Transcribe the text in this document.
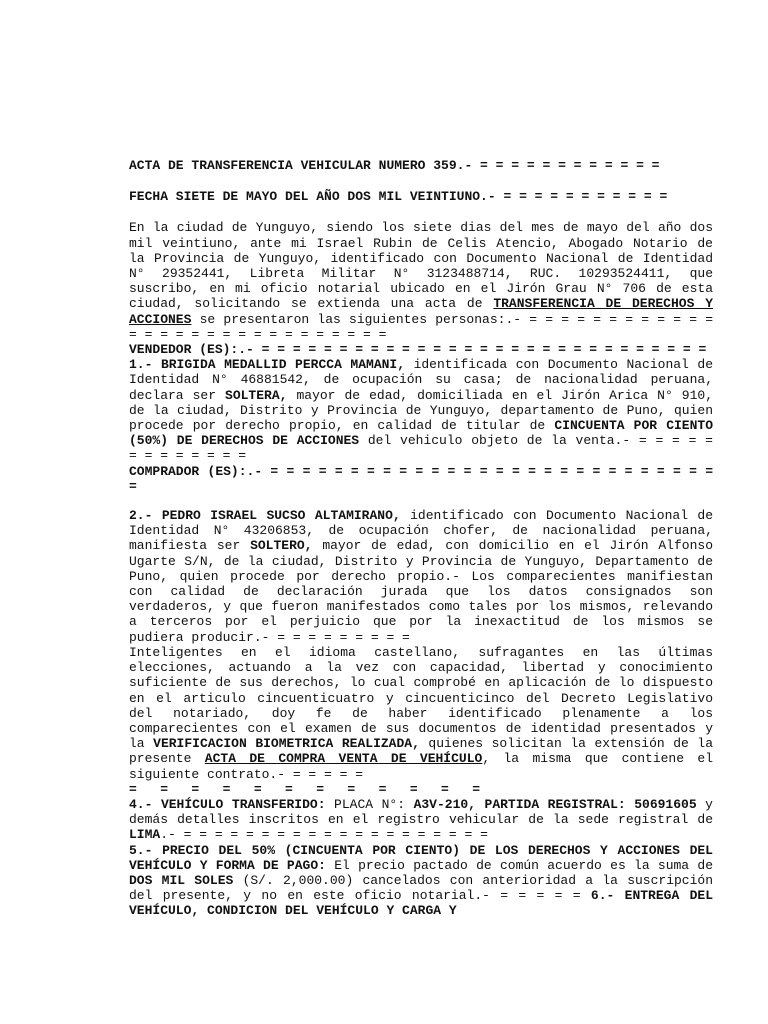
ACTA DE TRANSFERENCIA VEHICULAR NUMERO 359.- = = = = = = = = = = = =

FECHA SIETE DE MAYO DEL AÑO DOS MIL VEINTIUNO.- = = = = = = = = = = =

En la ciudad de Yunguyo, siendo los siete dias del mes de mayo del año dos mil veintiuno, ante mi Israel Rubin de Celis Atencio, Abogado Notario de la Provincia de Yunguyo, identificado con Documento Nacional de Identidad N° 29352441, Libreta Militar N° 3123488714, RUC. 10293524411, que suscribo, en mi oficio notarial ubicado en el Jirón Grau N° 706 de esta ciudad, solicitando se extienda una acta de TRANSFERENCIA DE DERECHOS Y ACCIONES se presentaron las siguientes personas:.- = = = = = = = = = = = = = = = = = = = = = = = = = = = = =

VENDEDOR (ES):.- = = = = = = = = = = = = = = = = = = = = = = = = = = = = =

1.- BRIGIDA MEDALLID PERCCA MAMANI, identificada con Documento Nacional de Identidad N° 46881542, de ocupación su casa; de nacionalidad peruana, declara ser SOLTERA, mayor de edad, domiciliada en el Jirón Arica N° 910, de la ciudad, Distrito y Provincia de Yunguyo, departamento de Puno, quien procede por derecho propio, en calidad de titular de CINCUENTA POR CIENTO (50%) DE DERECHOS DE ACCIONES del vehiculo objeto de la venta.- = = = = = = = = = = = = =

COMPRADOR (ES):.- = = = = = = = = = = = = = = = = = = = = = = = = = = = = =

2.- PEDRO ISRAEL SUCSO ALTAMIRANO, identificado con Documento Nacional de Identidad N° 43206853, de ocupación chofer, de nacionalidad peruana, manifiesta ser SOLTERO, mayor de edad, con domicilio en el Jirón Alfonso Ugarte S/N, de la ciudad, Distrito y Provincia de Yunguyo, Departamento de Puno, quien procede por derecho propio.- Los comparecientes manifiestan con calidad de declaración jurada que los datos consignados son verdaderos, y que fueron manifestados como tales por los mismos, relevando a terceros por el perjuicio que por la inexactitud de los mismos se pudiera producir.- = = = = = = = = =

Inteligentes en el idioma castellano, sufragantes en las últimas elecciones, actuando a la vez con capacidad, libertad y conocimiento suficiente de sus derechos, lo cual comprobé en aplicación de lo dispuesto en el articulo cincuenticuatro y cincuenticinco del Decreto Legislativo del notariado, doy fe de haber identificado plenamente a los comparecientes con el examen de sus documentos de identidad presentados y la VERIFICACION BIOMETRICA REALIZADA, quienes solicitan la extensión de la presente ACTA DE COMPRA VENTA DE VEHÍCULO, la misma que contiene el siguiente contrato.- = = = = =

=   =   =   =   =   =   =   =   =   =   =   =

4.- VEHÍCULO TRANSFERIDO: PLACA N°: A3V-210, PARTIDA REGISTRAL: 50691605 y demás detalles inscritos en el registro vehicular de la sede registral de LIMA.- = = = = = = = = = = = = = = = = = = = =

5.- PRECIO DEL 50% (CINCUENTA POR CIENTO) DE LOS DERECHOS Y ACCIONES DEL VEHÍCULO Y FORMA DE PAGO: El precio pactado de común acuerdo es la suma de DOS MIL SOLES (S/. 2,000.00) cancelados con anterioridad a la suscripción del presente, y no en este oficio notarial.- = = = = = 6.- ENTREGA DEL VEHÍCULO, CONDICION DEL VEHÍCULO Y CARGA Y
